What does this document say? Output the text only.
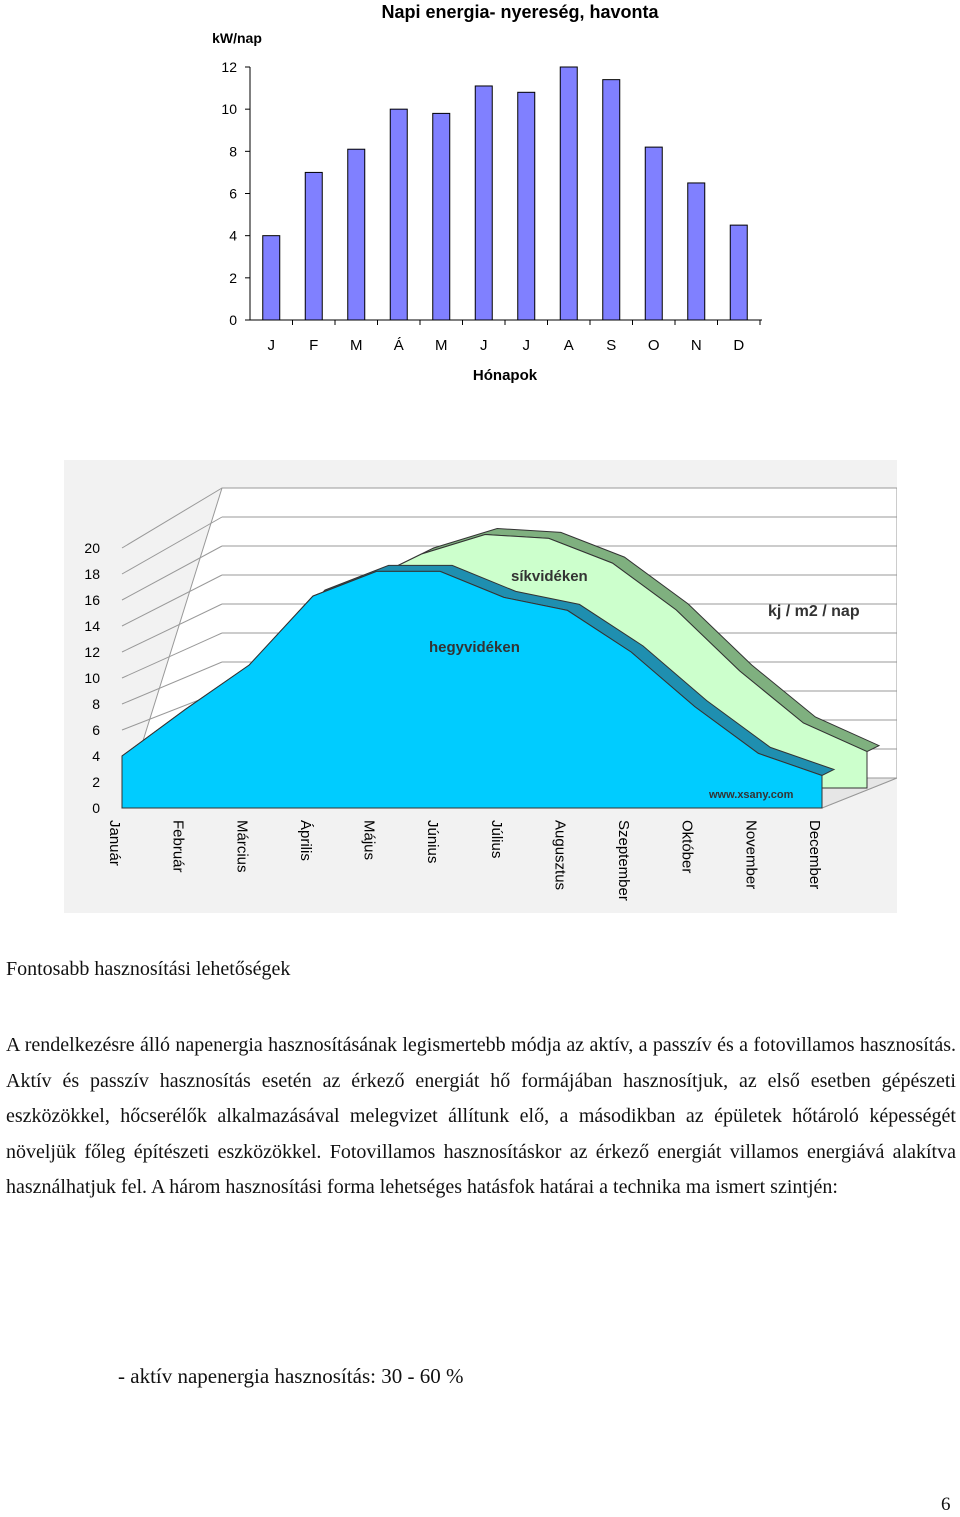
Napi energia- nyereség, havonta
kW/nap
0
2
4
6
8
10
12
J F M Á M J J A S O N D
Hónapok
0
2
4
6
8
10
12
14
16
18
20
síkvidéken
hegyvidéken
kj / m2 / nap
www.xsany.com
Január	Február	Március	Április	Május	Június	Július	Augusztus	Szeptember	Október	November	December
Fontosabb hasznosítási lehetőségek

A rendelkezésre álló napenergia hasznosításának legismertebb módja az aktív, a passzív és a fotovillamos hasznosítás. Aktív és passzív hasznosítás esetén az érkező energiát hő formájában hasznosítjuk, az első esetben gépészeti eszközökkel, hőcserélők alkalmazásával melegvizet állítunk elő, a másodikban az épületek hőtároló képességét növeljük főleg építészeti eszközökkel. Fotovillamos hasznosításkor az érkező energiát villamos energiává alakítva használhatjuk fel. A három hasznosítási forma lehetséges hatásfok határai a technika ma ismert szintjén:

- aktív napenergia hasznosítás: 30 - 60 %
6
